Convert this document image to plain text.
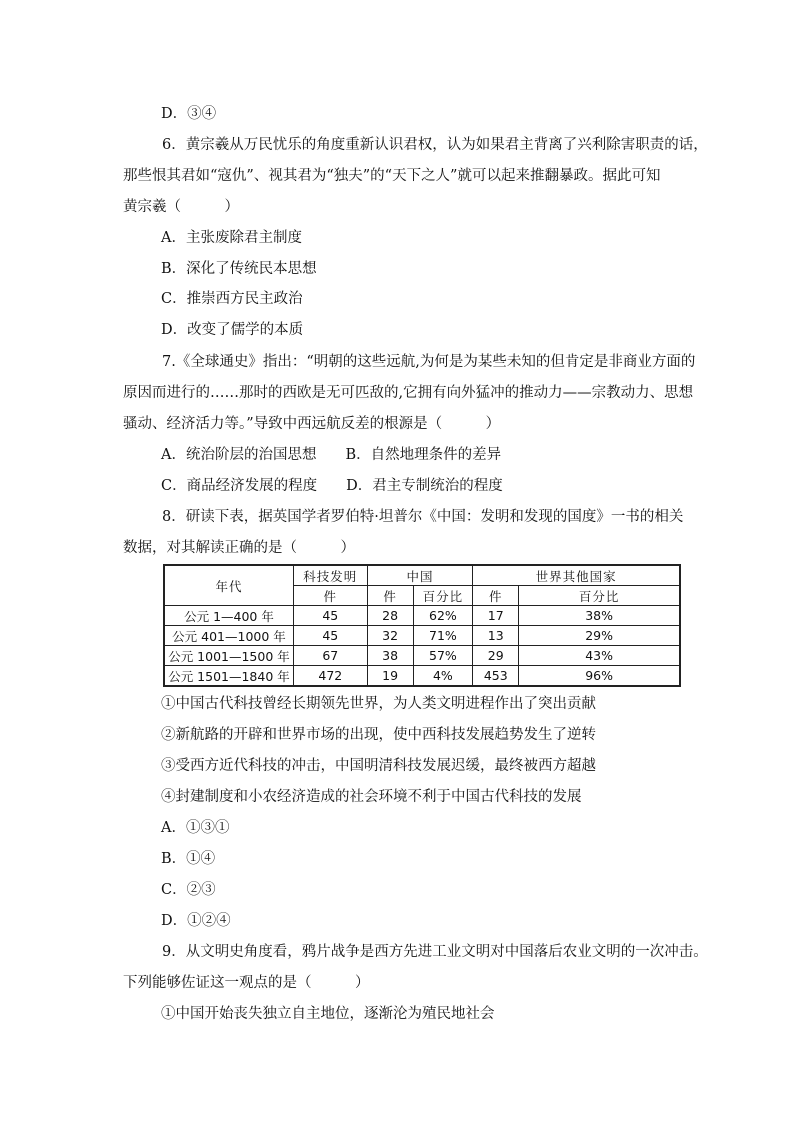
D．③④
6．黄宗羲从万民忧乐的角度重新认识君权，认为如果君主背离了兴利除害职责的话，
那些恨其君如“寇仇”、视其君为“独夫”的“天下之人”就可以起来推翻暴政。据此可知
黄宗羲（　　　）
A．主张废除君主制度
B．深化了传统民本思想
C．推崇西方民主政治
D．改变了儒学的本质
7.《全球通史》指出：“明朝的这些远航,为何是为某些未知的但肯定是非商业方面的
原因而进行的……那时的西欧是无可匹敌的,它拥有向外猛冲的推动力——宗教动力、思想
骚动、经济活力等。”导致中西远航反差的根源是（　　　）
A．统治阶层的治国思想　　B．自然地理条件的差异
C．商品经济发展的程度　　D．君主专制统治的程度
8．研读下表，据英国学者罗伯特·坦普尔《中国：发明和发现的国度》一书的相关
数据，对其解读正确的是（　　　）
年代	科技发明	中国		世界其他国家	
	件	件	百分比	件	百分比
公元 1—400 年	45	28	62%	17	38%
公元 401—1000 年	45	32	71%	13	29%
公元 1001—1500 年	67	38	57%	29	43%
公元 1501—1840 年	472	19	4%	453	96%
①中国古代科技曾经长期领先世界，为人类文明进程作出了突出贡献
②新航路的开辟和世界市场的出现，使中西科技发展趋势发生了逆转
③受西方近代科技的冲击，中国明清科技发展迟缓，最终被西方超越
④封建制度和小农经济造成的社会环境不利于中国古代科技的发展
A．①③①
B．①④
C．②③
D．①②④
9．从文明史角度看，鸦片战争是西方先进工业文明对中国落后农业文明的一次冲击。
下列能够佐证这一观点的是（　　　）
①中国开始丧失独立自主地位，逐渐沦为殖民地社会
